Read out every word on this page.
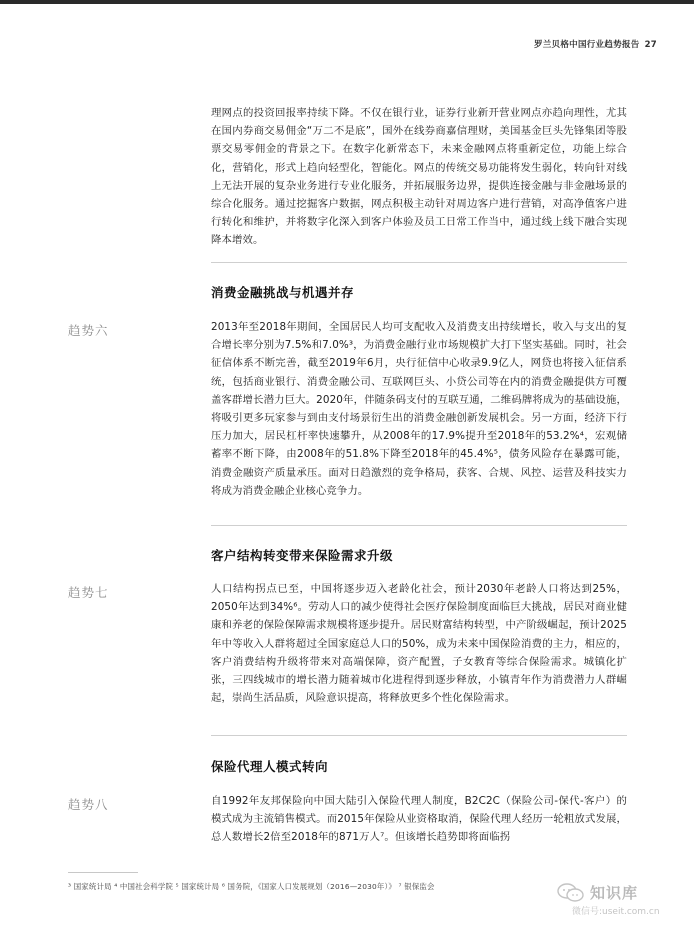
罗兰贝格中国行业趋势报告 27

理网点的投资回报率持续下降。不仅在银行业，证券行业新开营业网点亦趋向理性，尤其在国内券商交易佣金“万二不是底”，国外在线券商嘉信理财，美国基金巨头先锋集团等股票交易零佣金的背景之下。在数字化新常态下，未来金融网点将重新定位，功能上综合化，营销化，形式上趋向轻型化，智能化。网点的传统交易功能将发生弱化，转向针对线上无法开展的复杂业务进行专业化服务，并拓展服务边界，提供连接金融与非金融场景的综合化服务。通过挖掘客户数据，网点积极主动针对周边客户进行营销，对高净值客户进行转化和维护，并将数字化深入到客户体验及员工日常工作当中，通过线上线下融合实现降本增效。

消费金融挑战与机遇并存
趋势六	2013年至2018年期间，全国居民人均可支配收入及消费支出持续增长，收入与支出的复合增长率分别为7.5%和7.0%³，为消费金融行业市场规模扩大打下坚实基础。同时，社会征信体系不断完善，截至2019年6月，央行征信中心收录9.9亿人，网贷也将接入征信系统，包括商业银行、消费金融公司、互联网巨头、小贷公司等在内的消费金融提供方可覆盖客群增长潜力巨大。2020年，伴随条码支付的互联互通，二维码牌将成为的基础设施，将吸引更多玩家参与到由支付场景衍生出的消费金融创新发展机会。另一方面，经济下行压力加大，居民杠杆率快速攀升，从2008年的17.9%提升至2018年的53.2%⁴，宏观储蓄率不断下降，由2008年的51.8%下降至2018年的45.4%⁵，债务风险存在暴露可能，消费金融资产质量承压。面对日趋激烈的竞争格局，获客、合规、风控、运营及科技实力将成为消费金融企业核心竞争力。

客户结构转变带来保险需求升级
趋势七	人口结构拐点已至，中国将逐步迈入老龄化社会，预计2030年老龄人口将达到25%，2050年达到34%⁶。劳动人口的减少使得社会医疗保险制度面临巨大挑战，居民对商业健康和养老的保险保障需求规模将逐步提升。居民财富结构转型，中产阶级崛起，预计2025年中等收入人群将超过全国家庭总人口的50%，成为未来中国保险消费的主力，相应的，客户消费结构升级将带来对高端保障，资产配置，子女教育等综合保险需求。城镇化扩张，三四线城市的增长潜力随着城市化进程得到逐步释放，小镇青年作为消费潜力人群崛起，崇尚生活品质，风险意识提高，将释放更多个性化保险需求。

保险代理人模式转向
趋势八	自1992年友邦保险向中国大陆引入保险代理人制度，B2C2C（保险公司-保代-客户）的模式成为主流销售模式。而2015年保险从业资格取消，保险代理人经历一轮粗放式发展，总人数增长2倍至2018年的871万人⁷。但该增长趋势即将面临拐

³ 国家统计局 ⁴ 中国社会科学院 ⁵ 国家统计局 ⁶ 国务院，《国家人口发展规划（2016—2030年）》 ⁷ 银保监会	知识库
微信号:useit.com.cn
